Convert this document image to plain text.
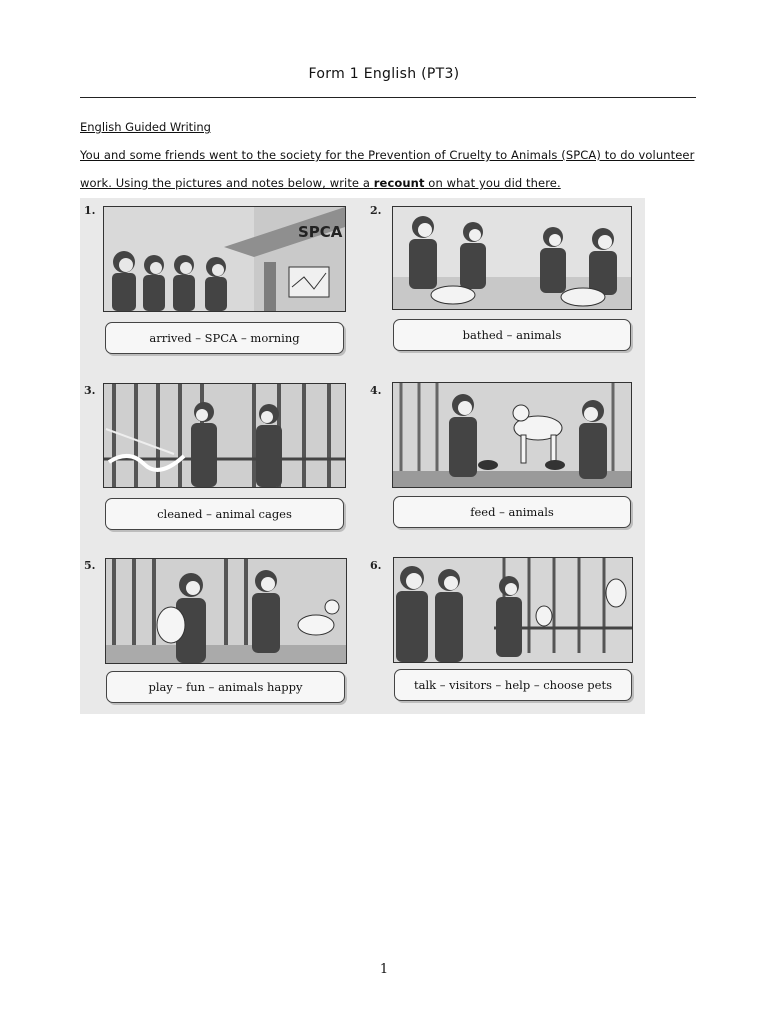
Form 1 English (PT3)
English Guided Writing
You and some friends went to the society for the Prevention of Cruelty to Animals (SPCA) to do volunteer
work. Using the pictures and notes below, write a recount on what you did there.
1.
SPCA
arrived – SPCA – morning
2.
bathed – animals
3.
cleaned – animal cages
4.
feed – animals
5.
play – fun – animals happy
6.
talk – visitors – help – choose pets
1
